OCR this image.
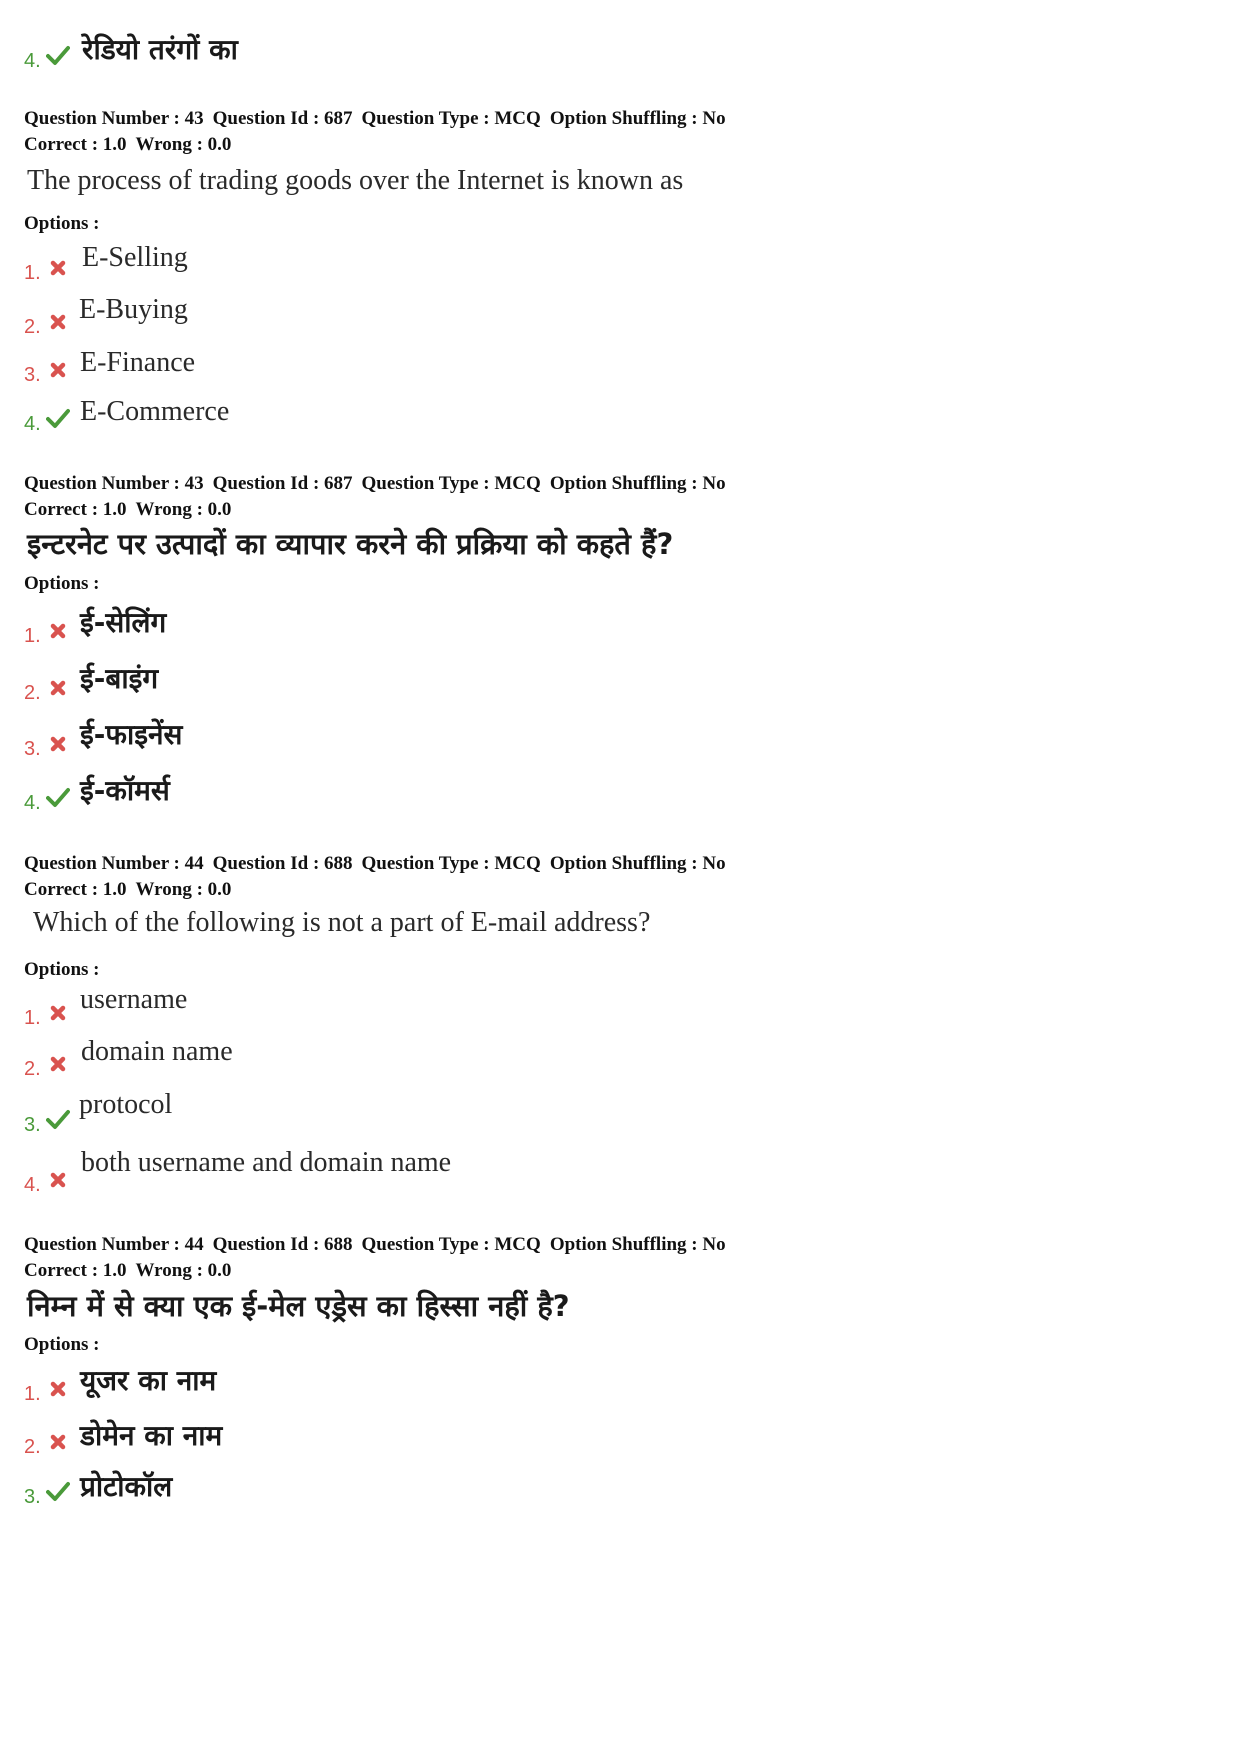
4. रेडियो तरंगों का
Question Number : 43 Question Id : 687 Question Type : MCQ Option Shuffling : No
Correct : 1.0 Wrong : 0.0
The process of trading goods over the Internet is known as
Options :
1. E-Selling
2.
E-Buying
3. E-Finance
4. E-Commerce
Question Number : 43 Question Id : 687 Question Type : MCQ Option Shuffling : No
Correct : 1.0 Wrong : 0.0
इन्टरनेट पर उत्पादों का व्यापार करने की प्रक्रिया को कहते हैं?
Options :
1. ई-सेलिंग
2. ई-बाइंग
3. ई-फाइनेंस
4. ई-कॉमर्स
Question Number : 44 Question Id : 688 Question Type : MCQ Option Shuffling : No
Correct : 1.0 Wrong : 0.0
Which of the following is not a part of E-mail address?
Options :
1.
username
2.
domain name
3.
protocol
4.
both username and domain name
Question Number : 44 Question Id : 688 Question Type : MCQ Option Shuffling : No
Correct : 1.0 Wrong : 0.0
निम्न में से क्या एक ई-मेल एड्रेस का हिस्सा नहीं है?
Options :
1. यूजर का नाम
2. डोमेन का नाम
3. प्रोटोकॉल
